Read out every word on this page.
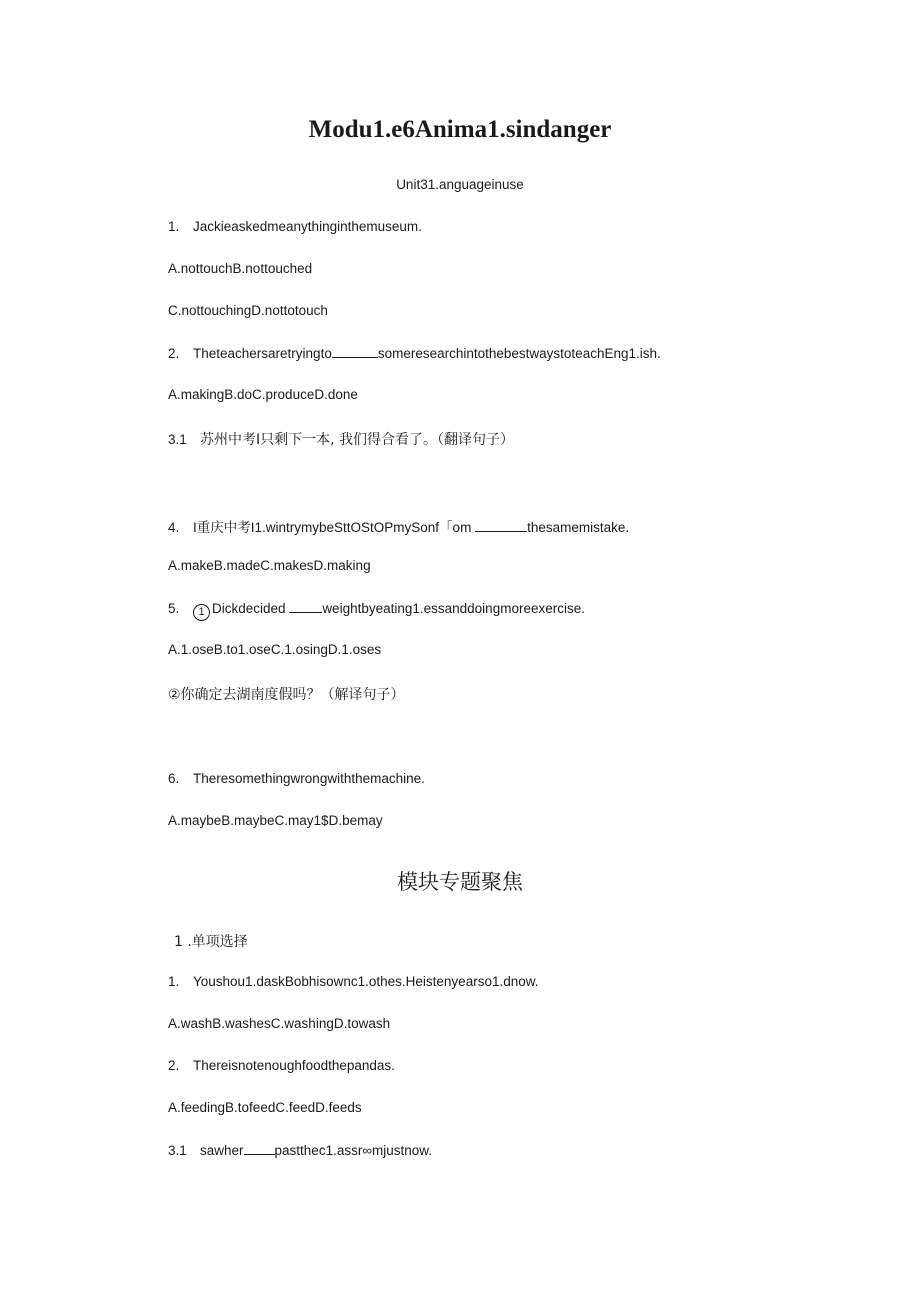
Modu1.e6Anima1.sindanger
Unit31.anguageinuse
1. Jackieaskedmeanythinginthemuseum.
A.nottouchB.nottouched
C.nottouchingD.nottotouch
2. Theteachersaretryingto	someresearchintothebestwaystoteachEng1.ish.
A.makingB.doC.produceD.done
3.1 苏州中考I只剩下一本, 我们得合看了。（翻译句子）
4. I重庆中考I1.wintrymybeSttOStOPmySonf「om	thesamemistake.
A.makeB.madeC.makesD.making
5. 1 Dickdecided	weightbyeating1.essanddoingmoreexercise.
A.1.oseB.to1.oseC.1.osingD.1.oses
②你确定去湖南度假吗？（解译句子）
6. Theresomethingwrongwiththemachine.
A.maybeB.maybeC.may1$D.bemay
模块专题聚焦
1 .单项选择
1. Youshou1.daskBobhisownc1.othes.Heistenyearso1.dnow.
A.washB.washesC.washingD.towash
2. Thereisnotenoughfoodthepandas.
A.feedingB.tofeedC.feedD.feeds
3.1 sawher pastthec1.assr∞mjustnow.
